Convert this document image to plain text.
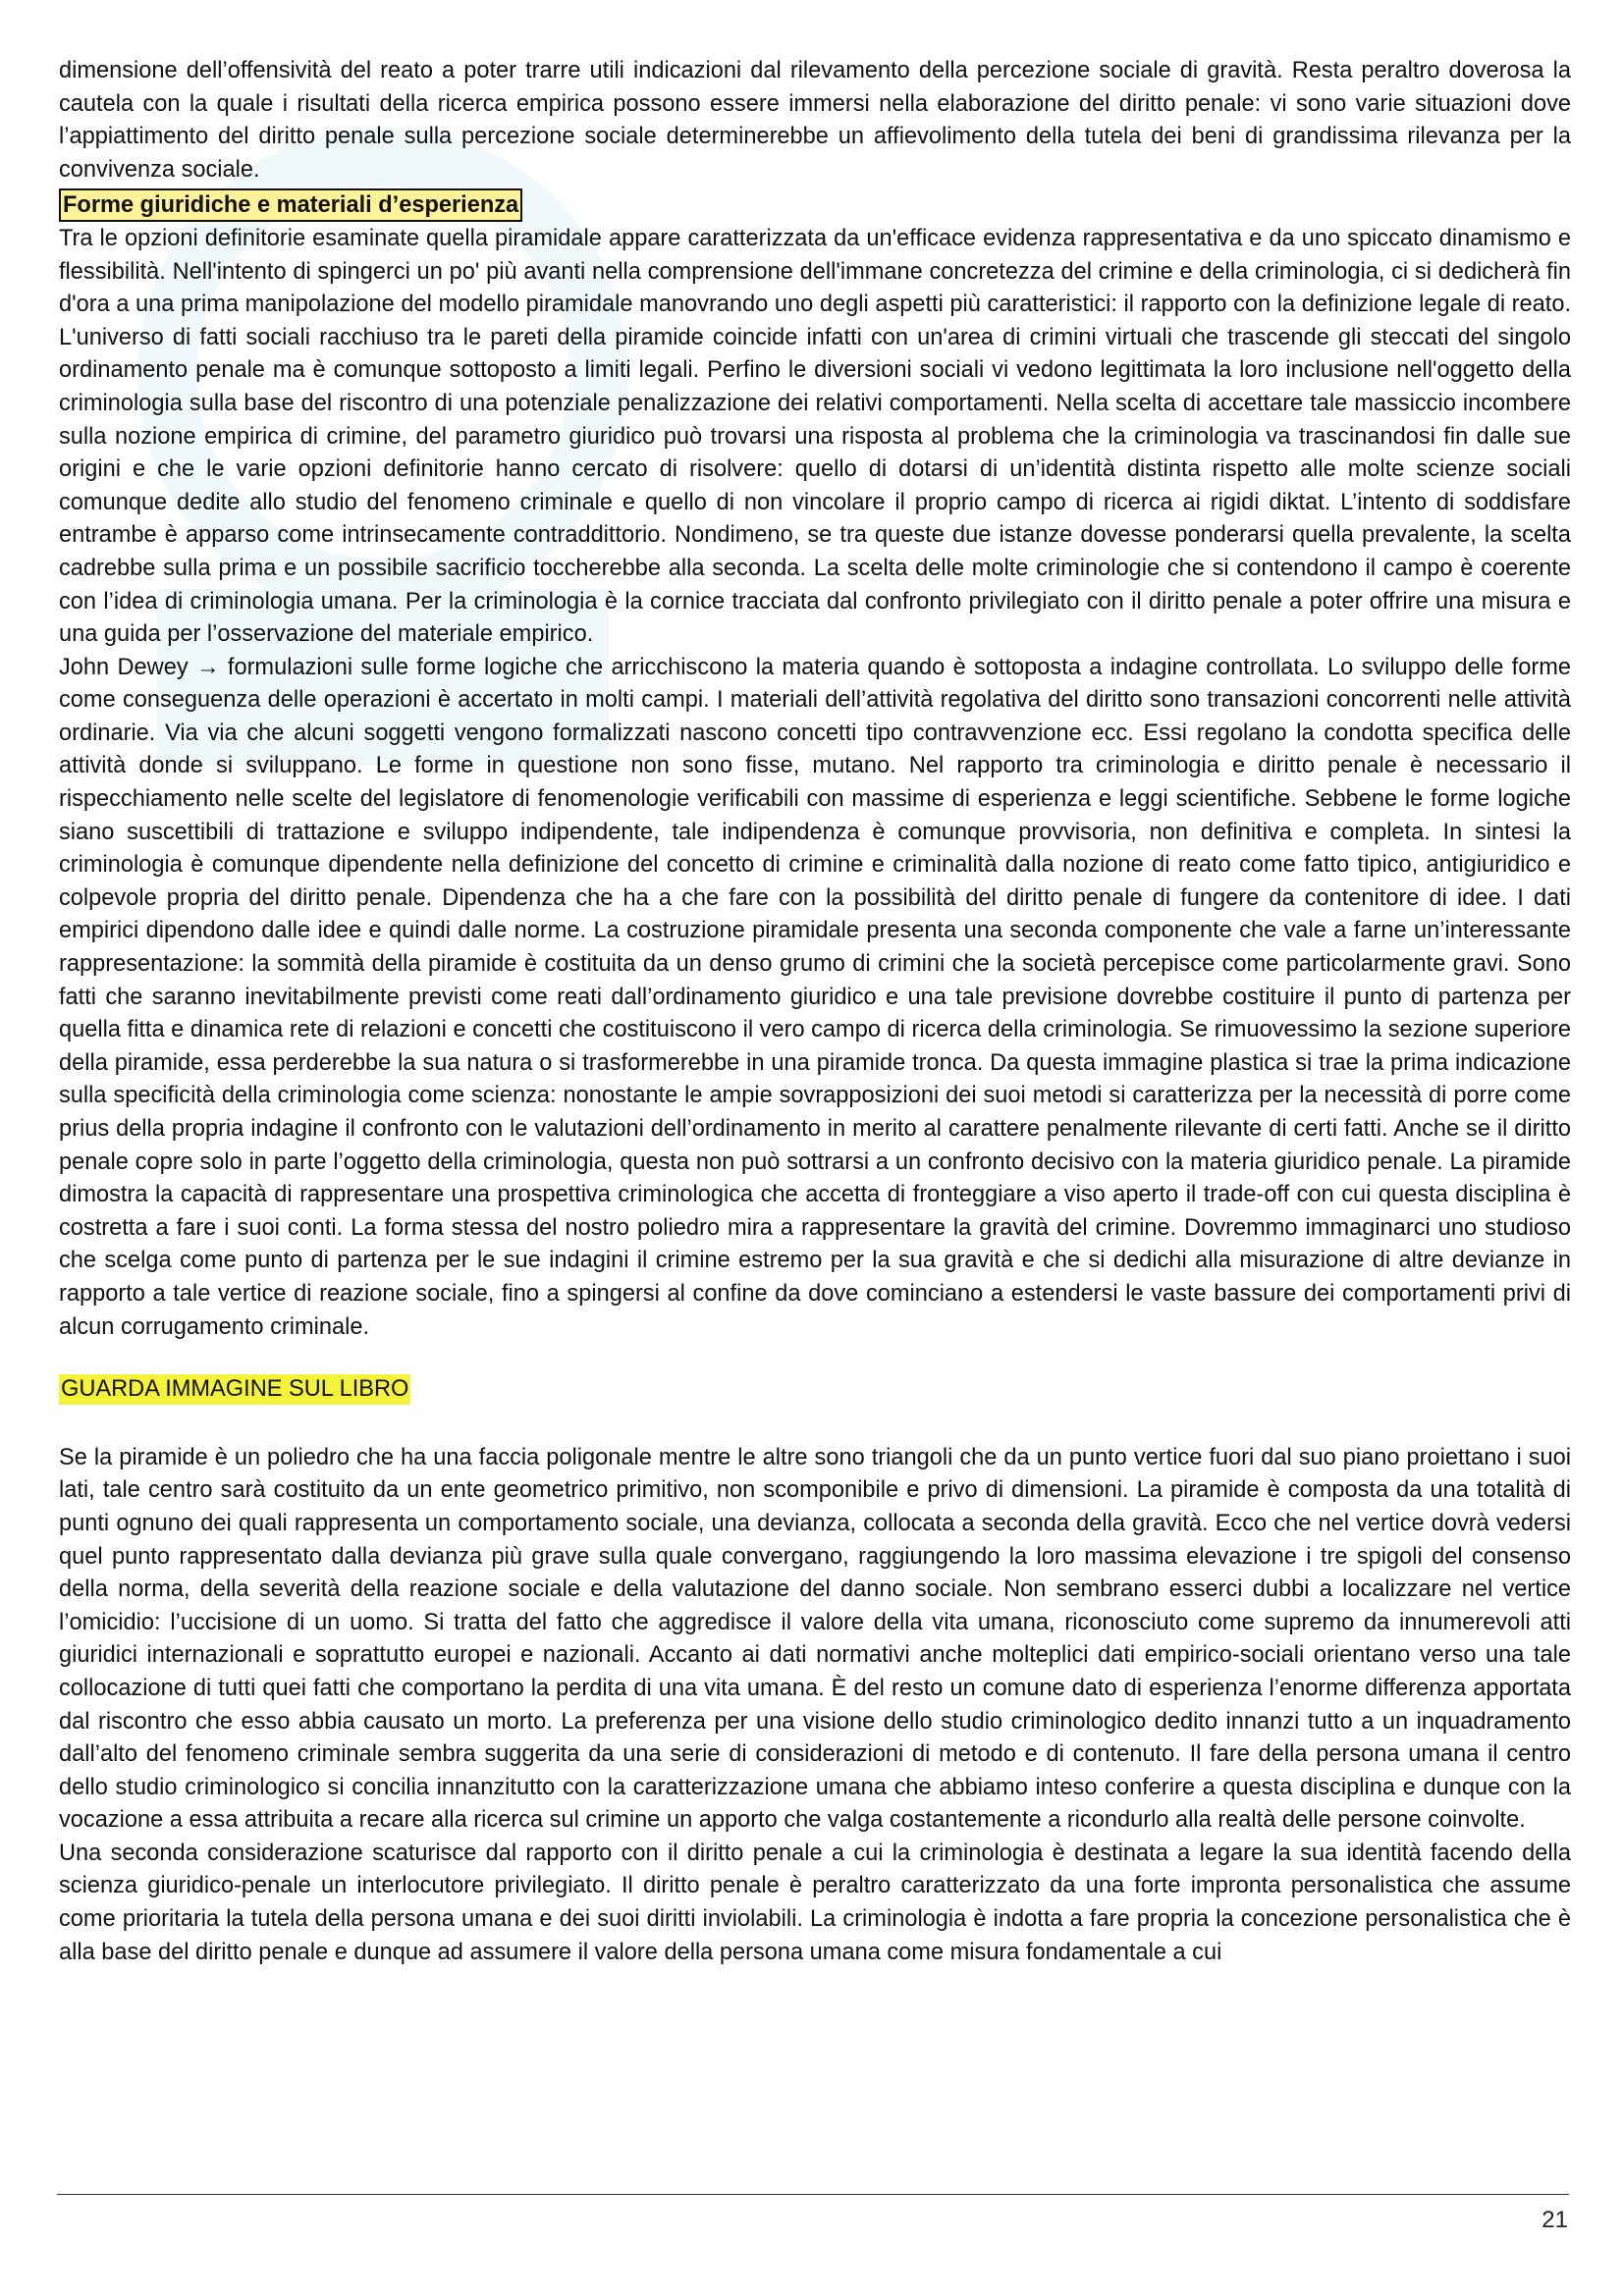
dimensione dell’offensività del reato a poter trarre utili indicazioni dal rilevamento della percezione sociale di gravità. Resta peraltro doverosa la cautela con la quale i risultati della ricerca empirica possono essere immersi nella elaborazione del diritto penale: vi sono varie situazioni dove l’appiattimento del diritto penale sulla percezione sociale determinerebbe un affievolimento della tutela dei beni di grandissima rilevanza per la convivenza sociale.

Forme giuridiche e materiali d’esperienza

Tra le opzioni definitorie esaminate quella piramidale appare caratterizzata da un'efficace evidenza rappresentativa e da uno spiccato dinamismo e flessibilità. Nell'intento di spingerci un po' più avanti nella comprensione dell'immane concretezza del crimine e della criminologia, ci si dedicherà fin d'ora a una prima manipolazione del modello piramidale manovrando uno degli aspetti più caratteristici: il rapporto con la definizione legale di reato. L'universo di fatti sociali racchiuso tra le pareti della piramide coincide infatti con un'area di crimini virtuali che trascende gli steccati del singolo ordinamento penale ma è comunque sottoposto a limiti legali. Perfino le diversioni sociali vi vedono legittimata la loro inclusione nell'oggetto della criminologia sulla base del riscontro di una potenziale penalizzazione dei relativi comportamenti. Nella scelta di accettare tale massiccio incombere sulla nozione empirica di crimine, del parametro giuridico può trovarsi una risposta al problema che la criminologia va trascinandosi fin dalle sue origini e che le varie opzioni definitorie hanno cercato di risolvere: quello di dotarsi di un’identità distinta rispetto alle molte scienze sociali comunque dedite allo studio del fenomeno criminale e quello di non vincolare il proprio campo di ricerca ai rigidi diktat. L’intento di soddisfare entrambe è apparso come intrinsecamente contraddittorio. Nondimeno, se tra queste due istanze dovesse ponderarsi quella prevalente, la scelta cadrebbe sulla prima e un possibile sacrificio toccherebbe alla seconda. La scelta delle molte criminologie che si contendono il campo è coerente con l’idea di criminologia umana. Per la criminologia è la cornice tracciata dal confronto privilegiato con il diritto penale a poter offrire una misura e una guida per l’osservazione del materiale empirico.

John Dewey → formulazioni sulle forme logiche che arricchiscono la materia quando è sottoposta a indagine controllata. Lo sviluppo delle forme come conseguenza delle operazioni è accertato in molti campi. I materiali dell’attività regolativa del diritto sono transazioni concorrenti nelle attività ordinarie. Via via che alcuni soggetti vengono formalizzati nascono concetti tipo contravvenzione ecc. Essi regolano la condotta specifica delle attività donde si sviluppano. Le forme in questione non sono fisse, mutano. Nel rapporto tra criminologia e diritto penale è necessario il rispecchiamento nelle scelte del legislatore di fenomenologie verificabili con massime di esperienza e leggi scientifiche. Sebbene le forme logiche siano suscettibili di trattazione e sviluppo indipendente, tale indipendenza è comunque provvisoria, non definitiva e completa. In sintesi la criminologia è comunque dipendente nella definizione del concetto di crimine e criminalità dalla nozione di reato come fatto tipico, antigiuridico e colpevole propria del diritto penale. Dipendenza che ha a che fare con la possibilità del diritto penale di fungere da contenitore di idee. I dati empirici dipendono dalle idee e quindi dalle norme. La costruzione piramidale presenta una seconda componente che vale a farne un’interessante rappresentazione: la sommità della piramide è costituita da un denso grumo di crimini che la società percepisce come particolarmente gravi. Sono fatti che saranno inevitabilmente previsti come reati dall’ordinamento giuridico e una tale previsione dovrebbe costituire il punto di partenza per quella fitta e dinamica rete di relazioni e concetti che costituiscono il vero campo di ricerca della criminologia. Se rimuovessimo la sezione superiore della piramide, essa perderebbe la sua natura o si trasformerebbe in una piramide tronca. Da questa immagine plastica si trae la prima indicazione sulla specificità della criminologia come scienza: nonostante le ampie sovrapposizioni dei suoi metodi si caratterizza per la necessità di porre come prius della propria indagine il confronto con le valutazioni dell’ordinamento in merito al carattere penalmente rilevante di certi fatti. Anche se il diritto penale copre solo in parte l’oggetto della criminologia, questa non può sottrarsi a un confronto decisivo con la materia giuridico penale. La piramide dimostra la capacità di rappresentare una prospettiva criminologica che accetta di fronteggiare a viso aperto il trade-off con cui questa disciplina è costretta a fare i suoi conti. La forma stessa del nostro poliedro mira a rappresentare la gravità del crimine. Dovremmo immaginarci uno studioso che scelga come punto di partenza per le sue indagini il crimine estremo per la sua gravità e che si dedichi alla misurazione di altre devianze in rapporto a tale vertice di reazione sociale, fino a spingersi al confine da dove cominciano a estendersi le vaste bassure dei comportamenti privi di alcun corrugamento criminale.

GUARDA IMMAGINE SUL LIBRO

Se la piramide è un poliedro che ha una faccia poligonale mentre le altre sono triangoli che da un punto vertice fuori dal suo piano proiettano i suoi lati, tale centro sarà costituito da un ente geometrico primitivo, non scomponibile e privo di dimensioni. La piramide è composta da una totalità di punti ognuno dei quali rappresenta un comportamento sociale, una devianza, collocata a seconda della gravità. Ecco che nel vertice dovrà vedersi quel punto rappresentato dalla devianza più grave sulla quale convergano, raggiungendo la loro massima elevazione i tre spigoli del consenso della norma, della severità della reazione sociale e della valutazione del danno sociale. Non sembrano esserci dubbi a localizzare nel vertice l’omicidio: l’uccisione di un uomo. Si tratta del fatto che aggredisce il valore della vita umana, riconosciuto come supremo da innumerevoli atti giuridici internazionali e soprattutto europei e nazionali. Accanto ai dati normativi anche molteplici dati empirico-sociali orientano verso una tale collocazione di tutti quei fatti che comportano la perdita di una vita umana. È del resto un comune dato di esperienza l’enorme differenza apportata dal riscontro che esso abbia causato un morto. La preferenza per una visione dello studio criminologico dedito innanzi tutto a un inquadramento dall’alto del fenomeno criminale sembra suggerita da una serie di considerazioni di metodo e di contenuto. Il fare della persona umana il centro dello studio criminologico si concilia innanzitutto con la caratterizzazione umana che abbiamo inteso conferire a questa disciplina e dunque con la vocazione a essa attribuita a recare alla ricerca sul crimine un apporto che valga costantemente a ricondurlo alla realtà delle persone coinvolte.

Una seconda considerazione scaturisce dal rapporto con il diritto penale a cui la criminologia è destinata a legare la sua identità facendo della scienza giuridico-penale un interlocutore privilegiato. Il diritto penale è peraltro caratterizzato da una forte impronta personalistica che assume come prioritaria la tutela della persona umana e dei suoi diritti inviolabili. La criminologia è indotta a fare propria la concezione personalistica che è alla base del diritto penale e dunque ad assumere il valore della persona umana come misura fondamentale a cui

21
